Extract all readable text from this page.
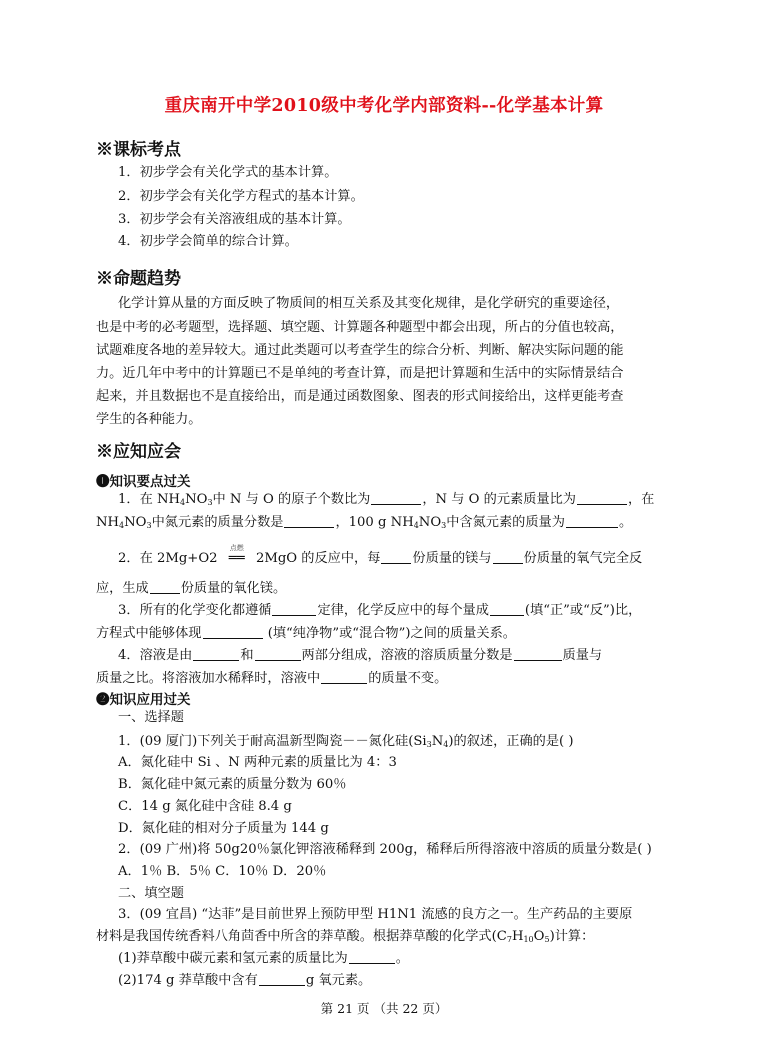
重庆南开中学2010级中考化学内部资料--化学基本计算
※课标考点
1．初步学会有关化学式的基本计算。
2．初步学会有关化学方程式的基本计算。
3．初步学会有关溶液组成的基本计算。
4．初步学会简单的综合计算。
※命题趋势
化学计算从量的方面反映了物质间的相互关系及其变化规律，是化学研究的重要途径，
也是中考的必考题型，选择题、填空题、计算题各种题型中都会出现，所占的分值也较高，
试题难度各地的差异较大。通过此类题可以考查学生的综合分析、判断、解决实际问题的能
力。近几年中考中的计算题已不是单纯的考查计算，而是把计算题和生活中的实际情景结合
起来，并且数据也不是直接给出，而是通过函数图象、图表的形式间接给出，这样更能考查
学生的各种能力。
※应知应会
❶知识要点过关
1．在 $NH_4NO_3$中 N 与 O 的原子个数比为	，N 与 O 的元素质量比为	，在
$NH_4NO_3$中氮元素的质量分数是	，100 g $NH_4NO_3$中含氮元素的质量为	。
2．在 2Mg+O2
点燃
══ 2MgO 的反应中，每 份质量的镁与 份质量的氧气完全反
应，生成 份质量的氧化镁。
3．所有的化学变化都遵循	定律，化学反应中的每个量成	(填“正”或“反”)比，
方程式中能够体现	(填“纯净物”或“混合物”)之间的质量关系。
4．溶液是由	和	两部分组成，溶液的溶质质量分数是	质量与
质量之比。将溶液加水稀释时，溶液中	的质量不变。
❷知识应用过关
一、选择题
1．(09 厦门)下列关于耐高温新型陶瓷－－氮化硅$(Si_3N_4)$的叙述，正确的是( )
A．氮化硅中 Si 、N 两种元素的质量比为 4：3
B．氮化硅中氮元素的质量分数为 60％
C．14 g 氮化硅中含硅 8.4 g
D．氮化硅的相对分子质量为 144 g
2．(09 广州)将 50g20％氯化钾溶液稀释到 200g，稀释后所得溶液中溶质的质量分数是( )
A．1％ B．5％ C．10％ D．20％
二、填空题
3．(09 宜昌) “达菲”是目前世界上预防甲型 H1N1 流感的良方之一。生产药品的主要原
材料是我国传统香料八角茴香中所含的莽草酸。根据莽草酸的化学式$(C_7H_{10}O_5)$计算：
(1)莽草酸中碳元素和氢元素的质量比为	。
(2)174 g 莽草酸中含有	g 氧元素。
第 21 页 （共 22 页）
